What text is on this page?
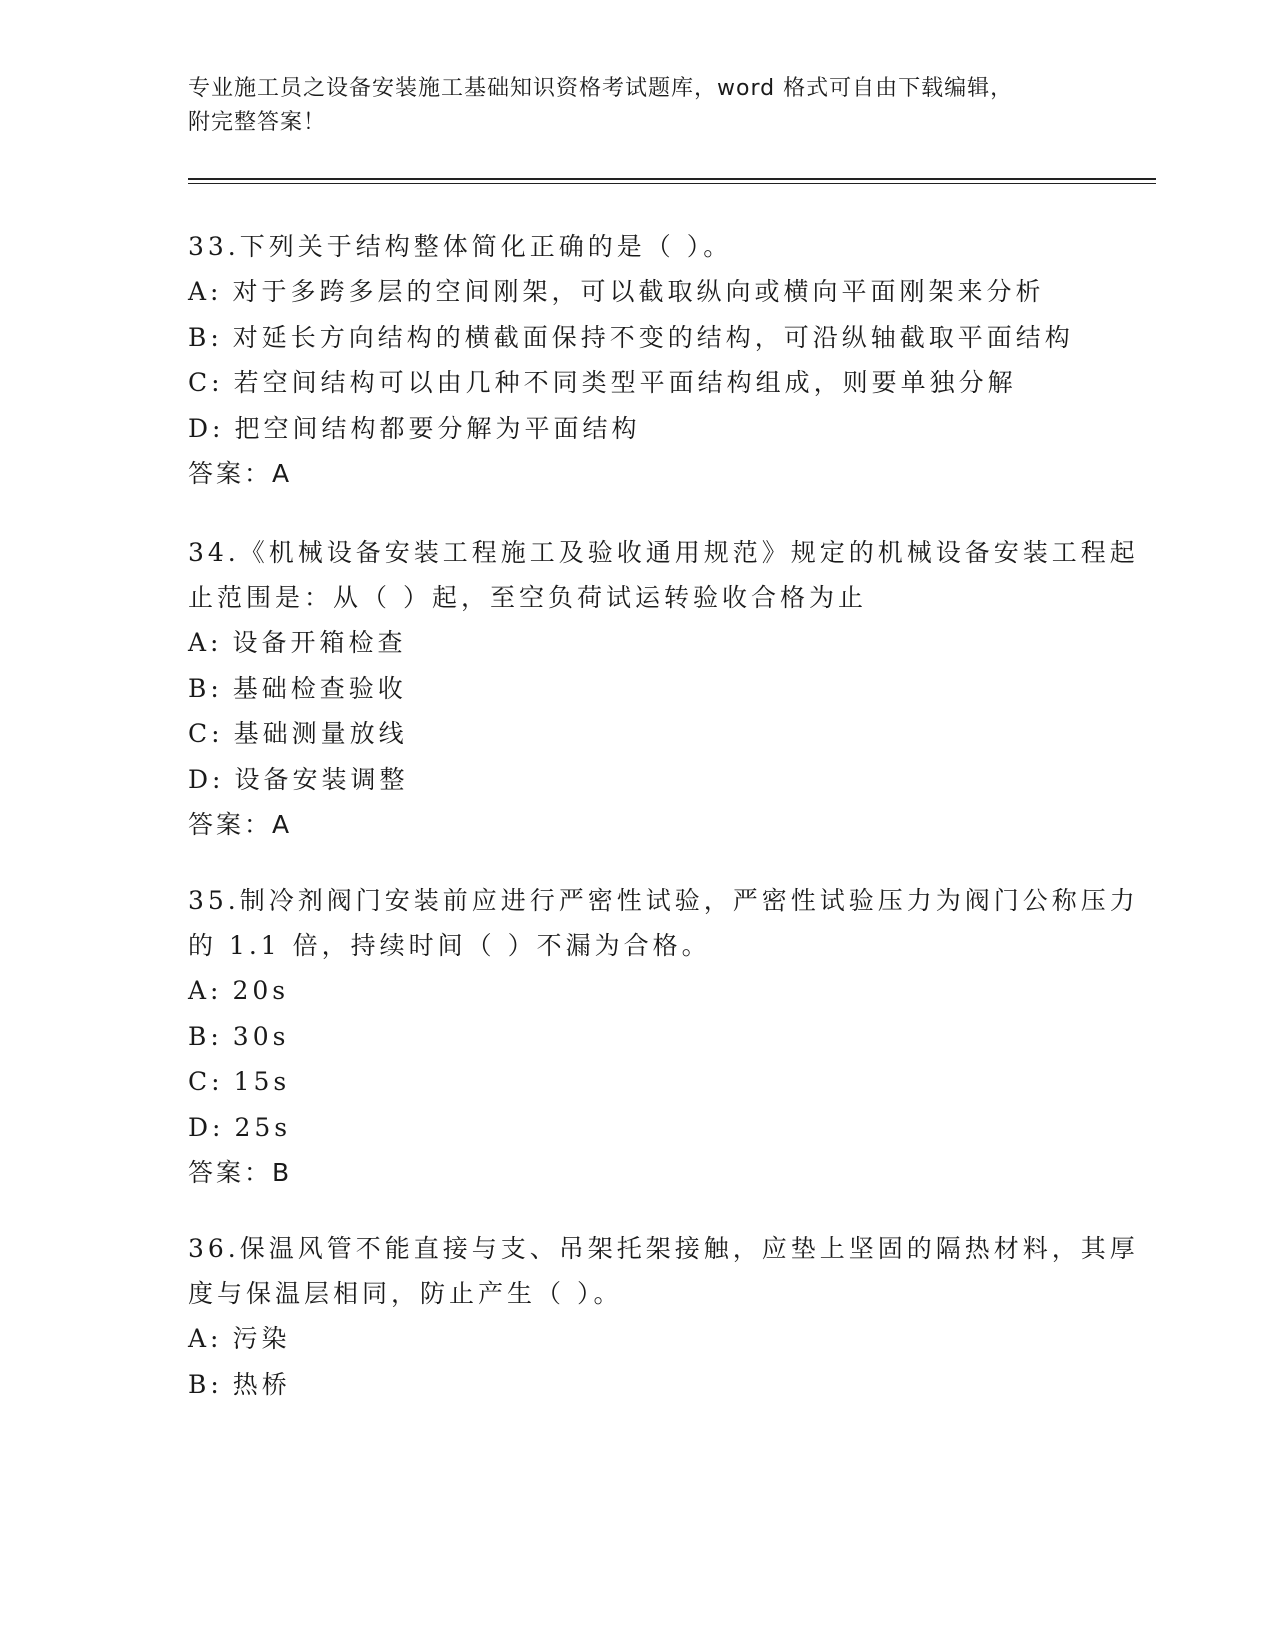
专业施工员之设备安装施工基础知识资格考试题库，word 格式可自由下载编辑，
附完整答案！

33.下列关于结构整体简化正确的是（ ）。

A: 对于多跨多层的空间刚架，可以截取纵向或横向平面刚架来分析

B: 对延长方向结构的横截面保持不变的结构，可沿纵轴截取平面结构

C: 若空间结构可以由几种不同类型平面结构组成，则要单独分解

D: 把空间结构都要分解为平面结构

答案：A

34.《机械设备安装工程施工及验收通用规范》规定的机械设备安装工程起止范围是：从（ ）起，至空负荷试运转验收合格为止

A: 设备开箱检查

B: 基础检查验收

C: 基础测量放线

D: 设备安装调整

答案：A

35.制冷剂阀门安装前应进行严密性试验，严密性试验压力为阀门公称压力的 1.1 倍，持续时间（ ）不漏为合格。

A: 20s

B: 30s

C: 15s

D: 25s

答案：B

36.保温风管不能直接与支、吊架托架接触，应垫上坚固的隔热材料，其厚度与保温层相同，防止产生（ ）。

A: 污染

B: 热桥
